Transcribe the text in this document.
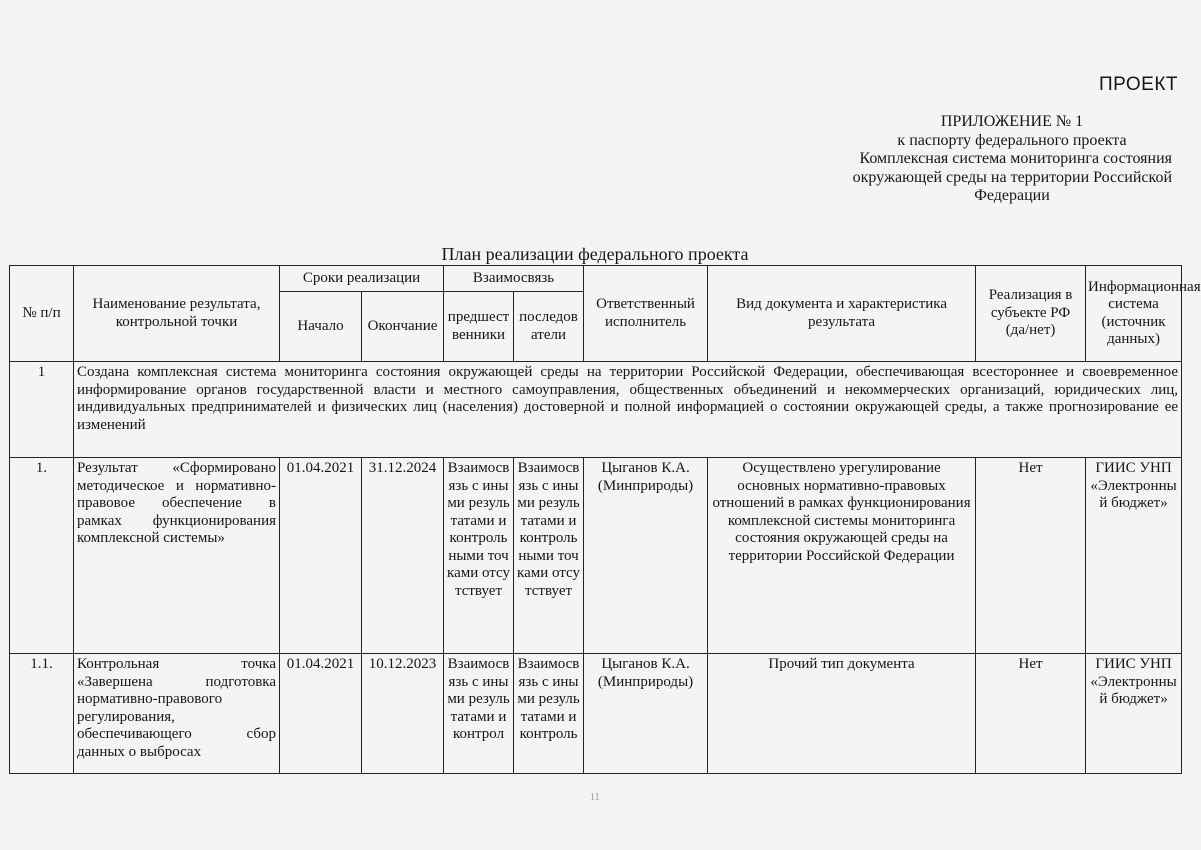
ПРОЕКТ
ПРИЛОЖЕНИЕ № 1
к паспорту федерального проекта
Комплексная система мониторинга состояния
окружающей среды на территории Российской
Федерации
План реализации федерального проекта
№ п/п	Наименование результата, контрольной точки	Сроки реализации		Взаимосвязь		Ответственный исполнитель	Вид документа и характеристика результата	Реализация в субъекте РФ (да/нет)	Информационная система (источник данных)
		Начало	Окончание	предшественники	последователи				
1	Создана комплексная система мониторинга состояния окружающей среды на территории Российской Федерации, обеспечивающая всестороннее и своевременное информирование органов государственной власти и местного самоуправления, общественных объединений и некоммерческих организаций, юридических лиц, индивидуальных предпринимателей и физических лиц (населения) достоверной и полной информацией о состоянии окружающей среды, а также прогнозирование ее изменений								
1.	Результат «Сформировано методическое и нормативно-правовое обеспечение в рамках функционирования комплексной системы»	01.04.2021	31.12.2024	Взаимосвязь с иными результатами и контрольными точками отсутствует	Взаимосвязь с иными результатами и контрольными точками отсутствует	Цыганов К.А. (Минприроды)	Осуществлено урегулирование основных нормативно-правовых отношений в рамках функционирования комплексной системы мониторинга состояния окружающей среды на территории Российской Федерации	Нет	ГИИС УНП «Электронный бюджет»
1.1.	Контрольная точка «Завершена подготовка нормативно-правового регулирования, обеспечивающего сбор данных о выбросах	01.04.2021	10.12.2023	Взаимосвязь с иными результатами и контрол	Взаимосвязь с иными результатами и контроль	Цыганов К.А. (Минприроды)	Прочий тип документа	Нет	ГИИС УНП «Электронный бюджет»
11
